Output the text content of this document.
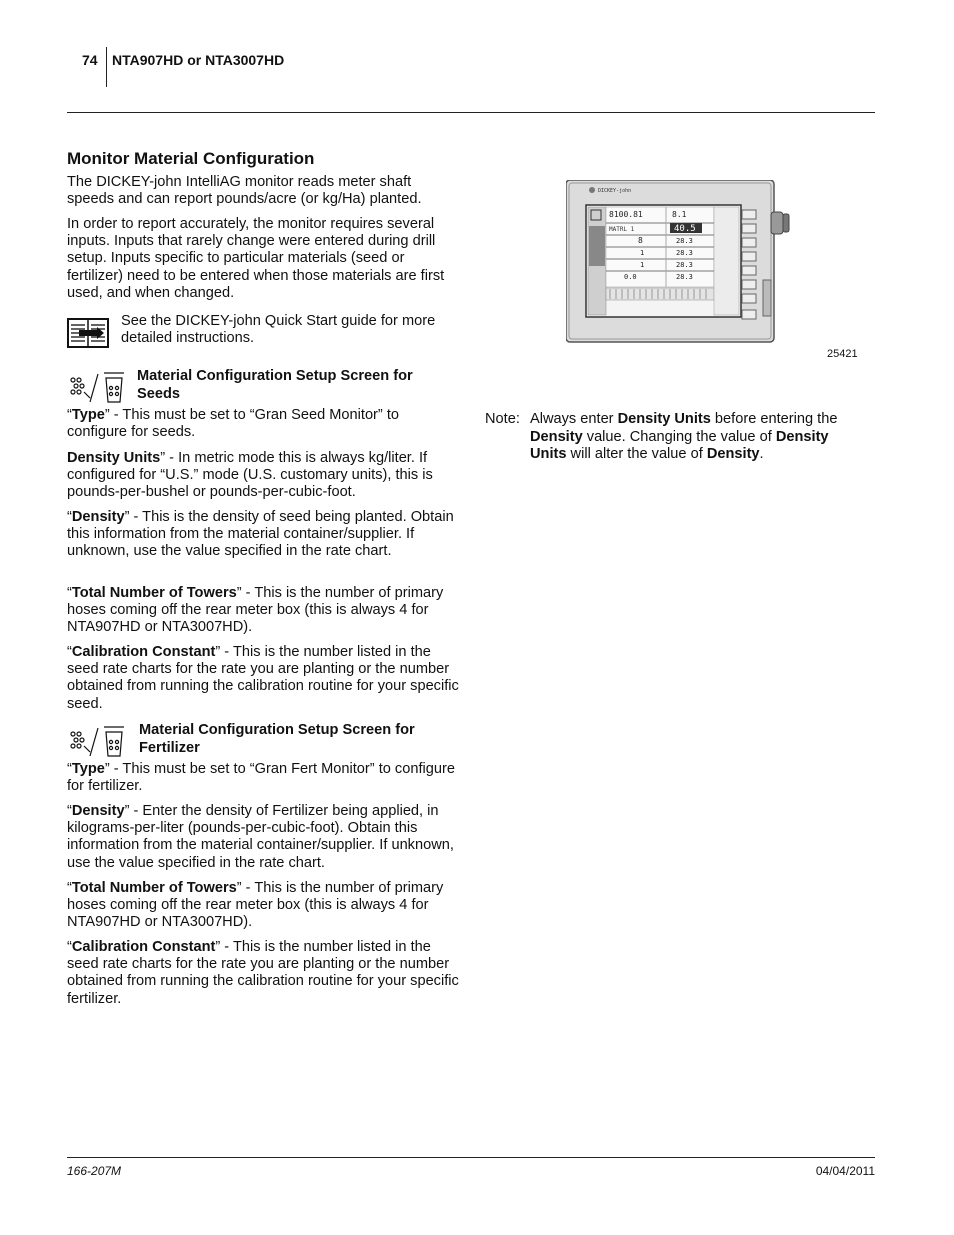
74 NTA907HD or NTA3007HD
Monitor Material Configuration
The DICKEY-john IntelliAG monitor reads meter shaft speeds and can report pounds/acre (or kg/Ha) planted.
In order to report accurately, the monitor requires several inputs. Inputs that rarely change were entered during drill setup. Inputs specific to particular materials (seed or fertilizer) need to be entered when those materials are first used, and when changed.
See the DICKEY-john Quick Start guide for more detailed instructions.
Material Configuration Setup Screen for Seeds
“Type” - This must be set to “Gran Seed Monitor” to configure for seeds.
Density Units” - In metric mode this is always kg/liter. If configured for “U.S.” mode (U.S. customary units), this is pounds-per-bushel or pounds-per-cubic-foot.
“Density” - This is the density of seed being planted. Obtain this information from the material container/supplier. If unknown, use the value specified in the rate chart.
“Total Number of Towers” - This is the number of primary hoses coming off the rear meter box (this is always 4 for NTA907HD or NTA3007HD).
“Calibration Constant” - This is the number listed in the seed rate charts for the rate you are planting or the number obtained from running the calibration routine for your specific seed.
Material Configuration Setup Screen for Fertilizer
“Type” - This must be set to “Gran Fert Monitor” to configure for fertilizer.
“Density” - Enter the density of Fertilizer being applied, in kilograms-per-liter (pounds-per-cubic-foot). Obtain this information from the material container/supplier. If unknown, use the value specified in the rate chart.
“Total Number of Towers” - This is the number of primary hoses coming off the rear meter box (this is always 4 for NTA907HD or NTA3007HD).
“Calibration Constant” - This is the number listed in the seed rate charts for the rate you are planting or the number obtained from running the calibration routine for your specific fertilizer.
DICKEY-john
8100.81	8.1
40.5
MATRL 1
8	28.3
1	28.3
1	28.3
0.0	28.3
25421
Note: Always enter Density Units before entering the Density value. Changing the value of Density Units will alter the value of Density.
166-207M	04/04/2011
